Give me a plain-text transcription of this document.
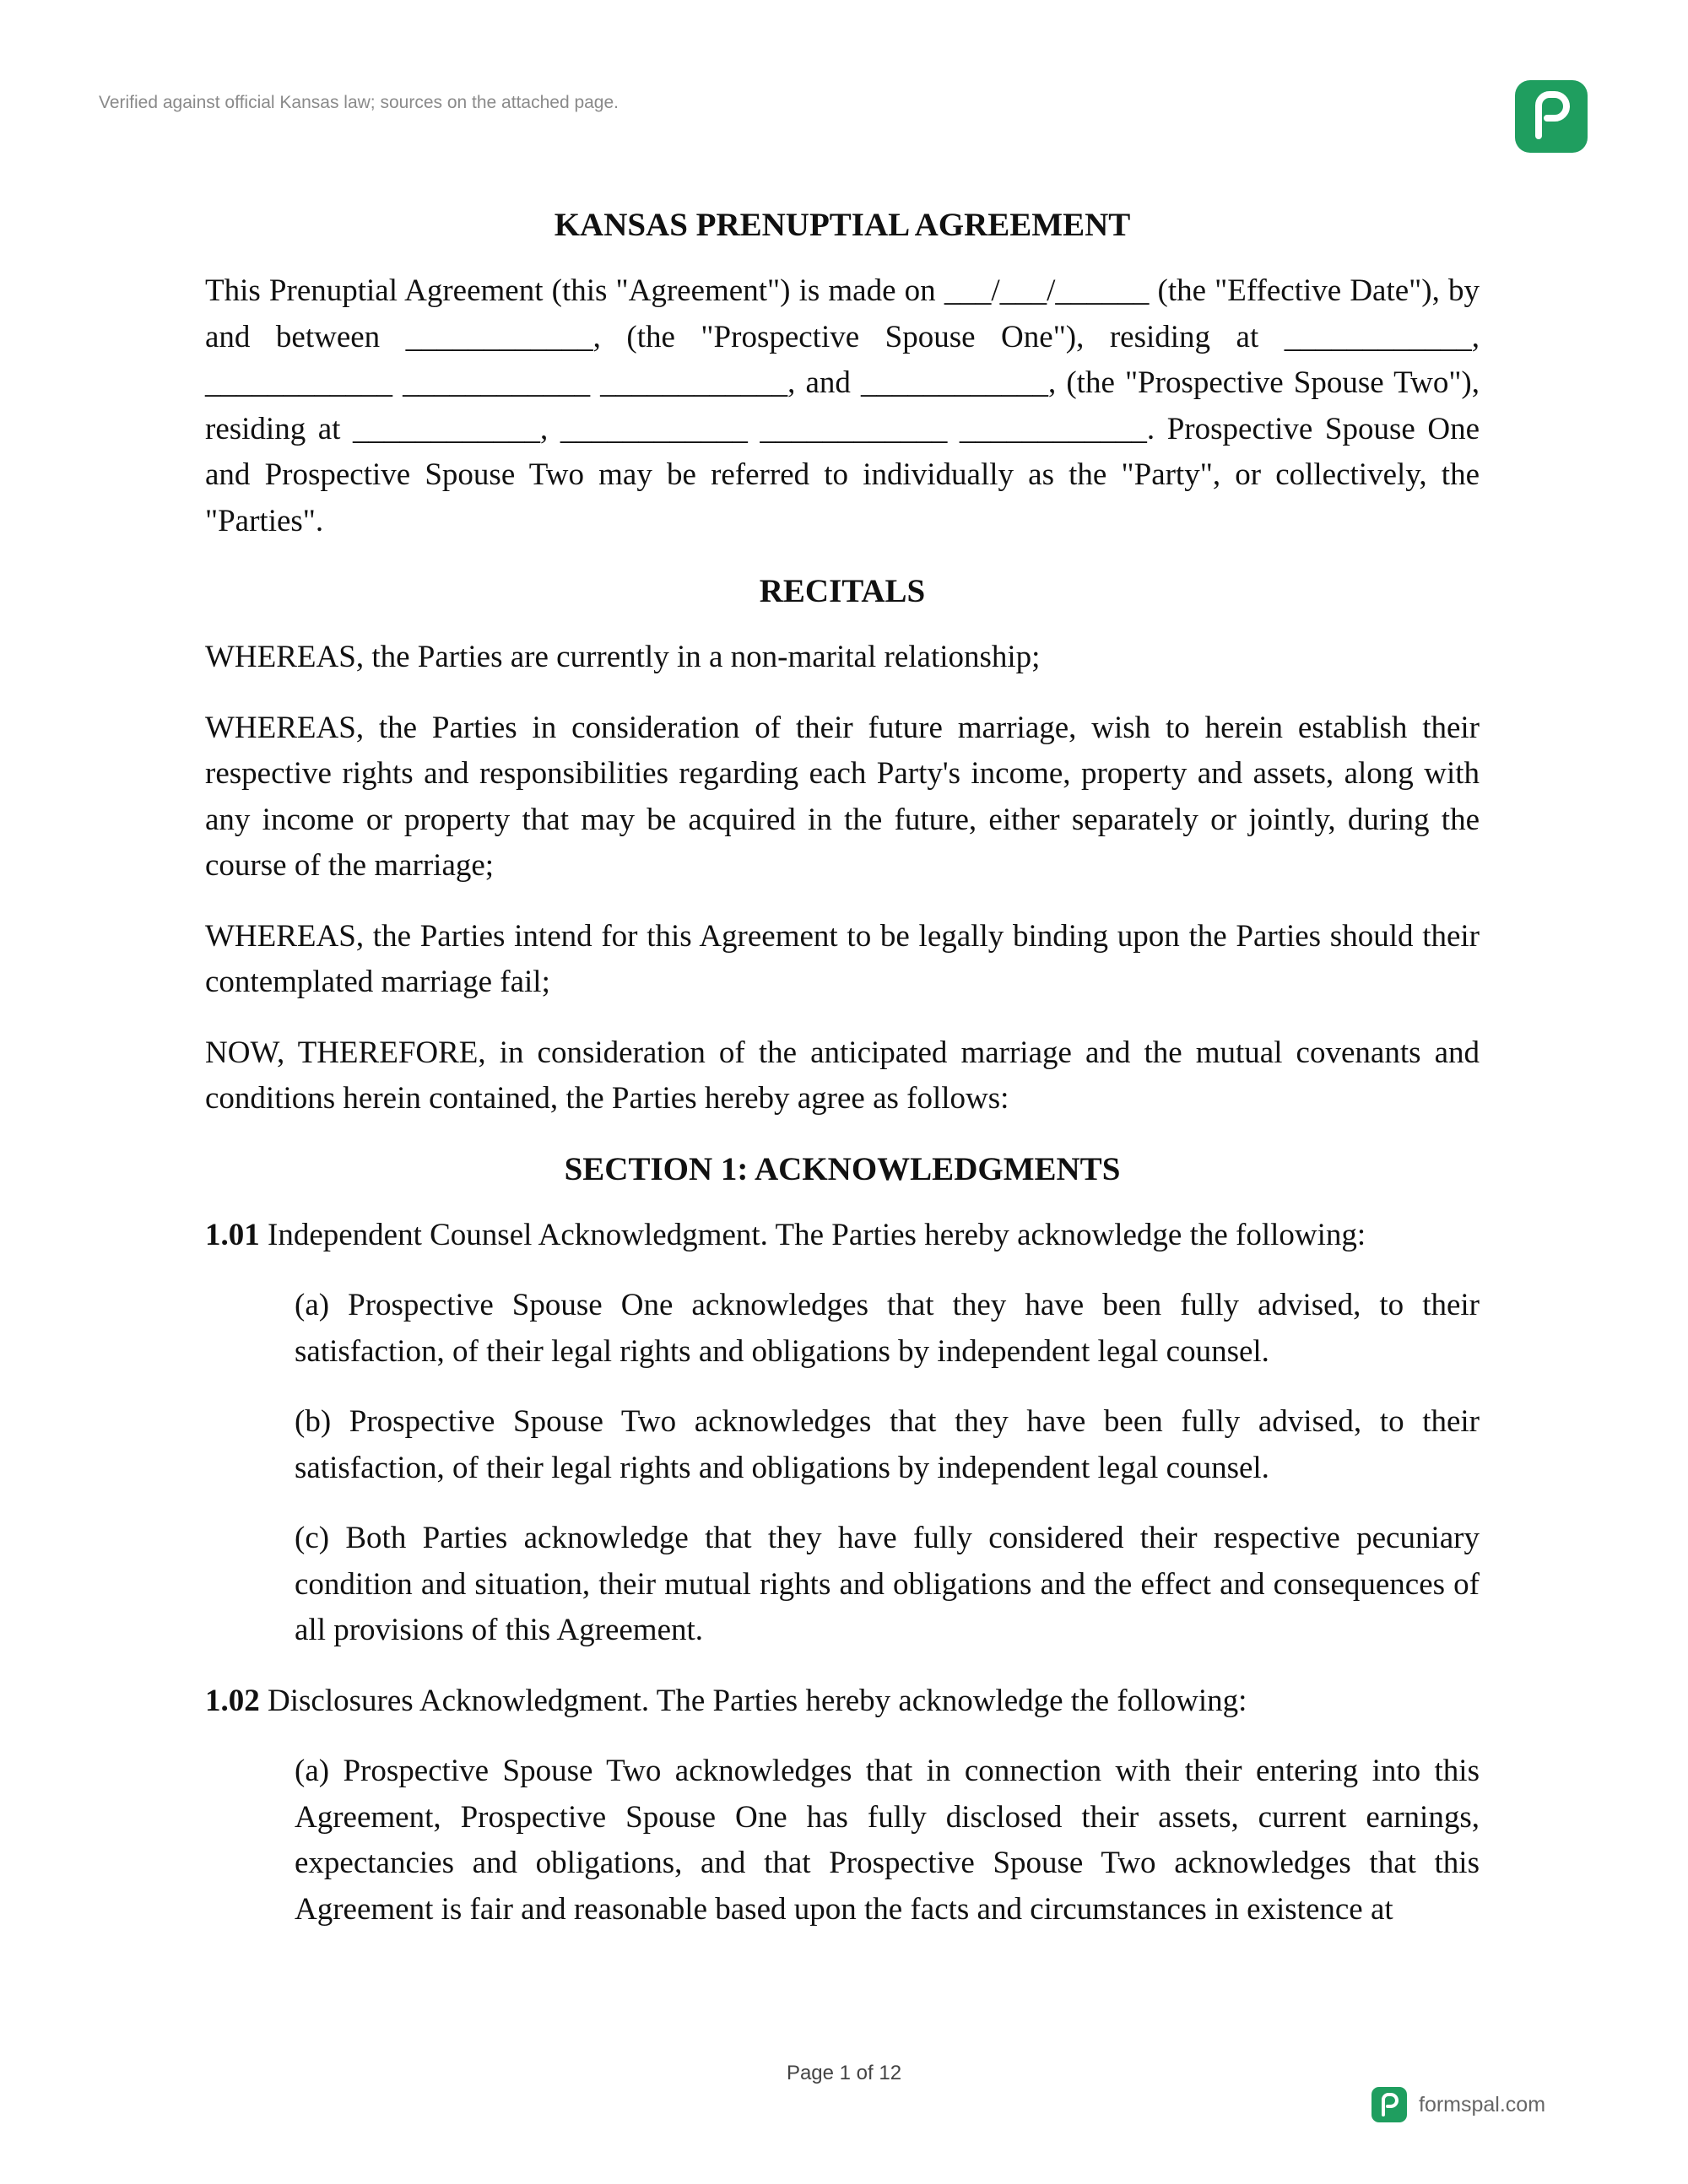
Verified against official Kansas law; sources on the attached page.
KANSAS PRENUPTIAL AGREEMENT

This Prenuptial Agreement (this "Agreement") is made on ___/___/______ (the "Effective Date"), by and between ____________, (the "Prospective Spouse One"), residing at ____________, ____________ ____________ ____________, and ____________, (the "Prospective Spouse Two"), residing at ____________, ____________ ____________ ____________. Prospective Spouse One and Prospective Spouse Two may be referred to individually as the "Party", or collectively, the "Parties".

RECITALS

WHEREAS, the Parties are currently in a non-marital relationship;

WHEREAS, the Parties in consideration of their future marriage, wish to herein establish their respective rights and responsibilities regarding each Party's income, property and assets, along with any income or property that may be acquired in the future, either separately or jointly, during the course of the marriage;

WHEREAS, the Parties intend for this Agreement to be legally binding upon the Parties should their contemplated marriage fail;

NOW, THEREFORE, in consideration of the anticipated marriage and the mutual covenants and conditions herein contained, the Parties hereby agree as follows:

SECTION 1: ACKNOWLEDGMENTS

1.01 Independent Counsel Acknowledgment. The Parties hereby acknowledge the following:

(a) Prospective Spouse One acknowledges that they have been fully advised, to their satisfaction, of their legal rights and obligations by independent legal counsel.

(b) Prospective Spouse Two acknowledges that they have been fully advised, to their satisfaction, of their legal rights and obligations by independent legal counsel.

(c) Both Parties acknowledge that they have fully considered their respective pecuniary condition and situation, their mutual rights and obligations and the effect and consequences of all provisions of this Agreement.

1.02 Disclosures Acknowledgment. The Parties hereby acknowledge the following:

(a) Prospective Spouse Two acknowledges that in connection with their entering into this Agreement, Prospective Spouse One has fully disclosed their assets, current earnings, expectancies and obligations, and that Prospective Spouse Two acknowledges that this Agreement is fair and reasonable based upon the facts and circumstances in existence at

Page 1 of 12
formspal.com
